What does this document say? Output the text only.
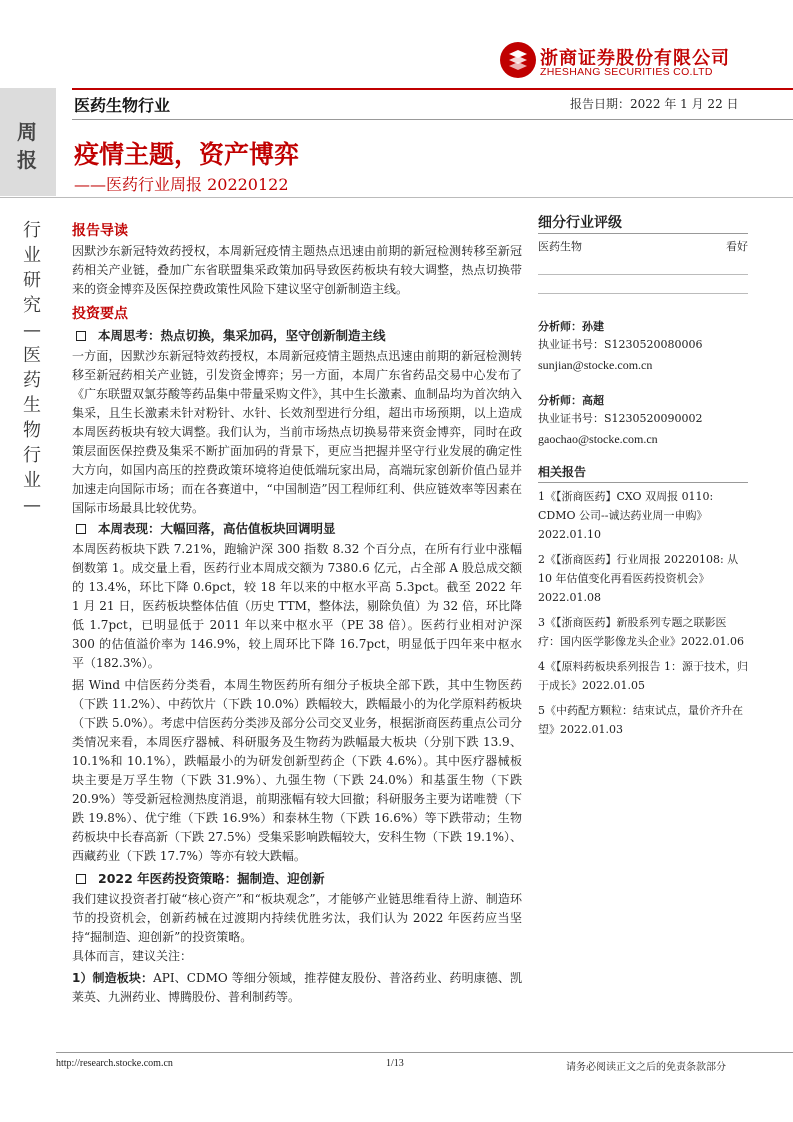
浙商证券股份有限公司
ZHESHANG SECURITIES CO.LTD
周报
医药生物行业	报告日期：2022 年 1 月 22 日
疫情主题，资产博弈
——医药行业周报 20220122
行业研究—医药生物行业—
报告导读

因默沙东新冠特效药授权，本周新冠疫情主题热点迅速由前期的新冠检测转移至新冠药相关产业链，叠加广东省联盟集采政策加码导致医药板块有较大调整，热点切换带来的资金博弈及医保控费政策性风险下建议坚守创新制造主线。

投资要点
本周思考：热点切换，集采加码，坚守创新制造主线

一方面，因默沙东新冠特效药授权，本周新冠疫情主题热点迅速由前期的新冠检测转移至新冠药相关产业链，引发资金博弈；另一方面，本周广东省药品交易中心发布了《广东联盟双氯芬酸等药品集中带量采购文件》，其中生长激素、血制品均为首次纳入集采，且生长激素未针对粉针、水针、长效剂型进行分组，超出市场预期，以上造成本周医药板块有较大调整。我们认为，当前市场热点切换易带来资金博弈，同时在政策层面医保控费及集采不断扩面加码的背景下，更应当把握并坚守行业发展的确定性大方向，如国内高压的控费政策环境将迫使低端玩家出局，高端玩家创新价值凸显并加速走向国际市场；而在各赛道中，“中国制造”因工程师红利、供应链效率等因素在国际市场最具比较优势。

本周表现：大幅回落，高估值板块回调明显

本周医药板块下跌 7.21%，跑输沪深 300 指数 8.32 个百分点，在所有行业中涨幅倒数第 1。成交量上看，医药行业本周成交额为 7380.6 亿元，占全部 A 股总成交额的 13.4%，环比下降 0.6pct，较 18 年以来的中枢水平高 5.3pct。截至 2022 年 1 月 21 日，医药板块整体估值（历史 TTM，整体法，剔除负值）为 32 倍，环比降低 1.7pct，已明显低于 2011 年以来中枢水平（PE 38 倍）。医药行业相对沪深 300 的估值溢价率为 146.9%，较上周环比下降 16.7pct，明显低于四年来中枢水平（182.3%）。

据 Wind 中信医药分类看，本周生物医药所有细分子板块全部下跌，其中生物医药（下跌 11.2%）、中药饮片（下跌 10.0%）跌幅较大，跌幅最小的为化学原料药板块（下跌 5.0%）。考虑中信医药分类涉及部分公司交叉业务，根据浙商医药重点公司分类情况来看，本周医疗器械、科研服务及生物药为跌幅最大板块（分别下跌 13.9、10.1%和 10.1%），跌幅最小的为研发创新型药企（下跌 4.6%）。其中医疗器械板块主要是万孚生物（下跌 31.9%）、九强生物（下跌 24.0%）和基蛋生物（下跌 20.9%）等受新冠检测热度消退，前期涨幅有较大回撤；科研服务主要为诺唯赞（下跌 19.8%）、优宁维（下跌 16.9%）和泰林生物（下跌 16.6%）等下跌带动；生物药板块中长春高新（下跌 27.5%）受集采影响跌幅较大，安科生物（下跌 19.1%）、西藏药业（下跌 17.7%）等亦有较大跌幅。

2022 年医药投资策略：掘制造、迎创新

我们建议投资者打破“核心资产”和“板块观念”，才能够产业链思维看待上游、制造环节的投资机会，创新药械在过渡期内持续优胜劣汰，我们认为 2022 年医药应当坚持“掘制造、迎创新”的投资策略。

具体而言，建议关注：

1）制造板块：API、CDMO 等细分领域，推荐健友股份、普洛药业、药明康德、凯莱英、九洲药业、博腾股份、普利制药等。

细分行业评级
医药生物	看好
分析师：孙建
执业证书号：S1230520080006
sunjian@stocke.com.cn
分析师：高超
执业证书号：S1230520090002
gaochao@stocke.com.cn
相关报告
1《【浙商医药】CXO 双周报 0110: CDMO 公司--诚达药业周一申购》2022.01.10
2《【浙商医药】行业周报 20220108: 从 10 年估值变化再看医药投资机会》2022.01.08
3《【浙商医药】新股系列专题之联影医疗：国内医学影像龙头企业》2022.01.06
4《【原料药板块系列报告 1：源于技术，归于成长》2022.01.05
5《中药配方颗粒：结束试点，量价齐升在望》2022.01.03
http://research.stocke.com.cn	1/13	请务必阅读正文之后的免责条款部分
